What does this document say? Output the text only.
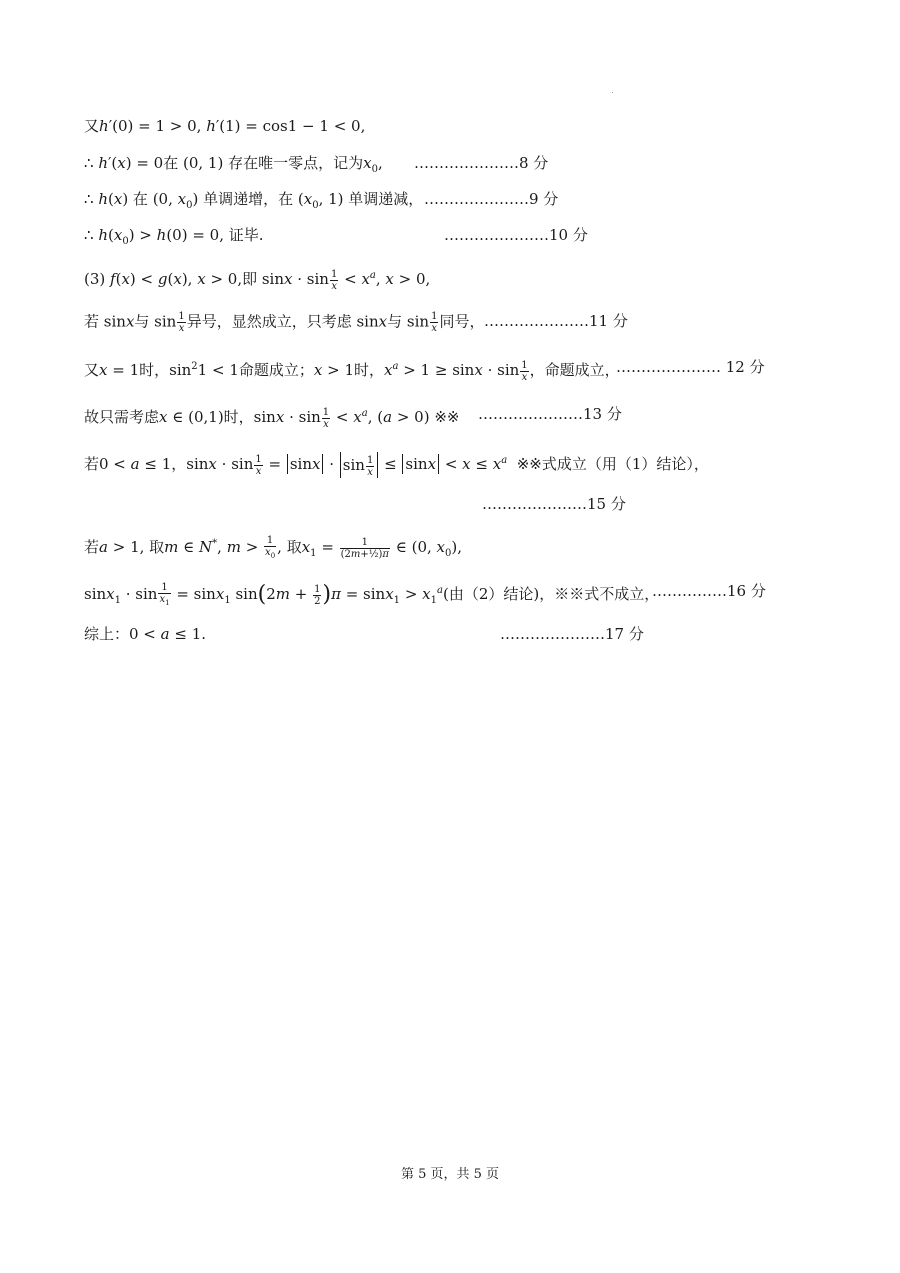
又h′(0) = 1 > 0, h′(1) = cos1 − 1 < 0,
∴ h′(x) = 0在 (0, 1) 存在唯一零点，记为$x_0$, …………………8 分
∴ h(x) 在 (0, $x_0$) 单调递增，在 ($x_0$, 1) 单调递减， …………………9 分
∴ $h(x_0) > h(0) = 0$, 证毕.	…………………10 分
(3) f(x) < g(x), x > 0,即 $\sin x \cdot \sin \frac{1}{x} < x^a$, x > 0,
若 sinx与 $\sin \frac{1}{x}$ 异号，显然成立，只考虑 sinx与 $\sin \frac{1}{x}$ 同号， …………………11 分
又x = 1时，$\sin^21 < 1$命题成立；x > 1时，$x^a > 1 \ge \sin x \cdot \sin \frac{1}{x}$ ，命题成立，
………………… 12 分
故只需考虑x ∈ (0,1)时，$\sin x \cdot \sin \frac{1}{x} < x^a$, (a > 0) ※※ …………………13 分
若0 < a ≤ 1，$\sin x \cdot \sin \frac{1}{x} = \sin x \cdot \sin \frac{1}{x} \le \sin x < x \le x^a$  ※※式成立（用（1）结论），
…………………15 分
若a > 1, 取m ∈ N*, $m > \frac{1}{x_0}$ , 取$x_1 = \frac{1}{\text{(2m+½)π}}$ ∈ (0, $x_0$),
$\sin x_1 \cdot \sin \frac{1}{x_1} = \sin x_1$ $\sin(2m + \frac{1}{2} )\pi = \sin x_1 > x_1^a$(由（2）结论)，※※式不成立，
……………16 分
综上：0 < a ≤ 1.	…………………17 分
第 5 页，共 5 页
